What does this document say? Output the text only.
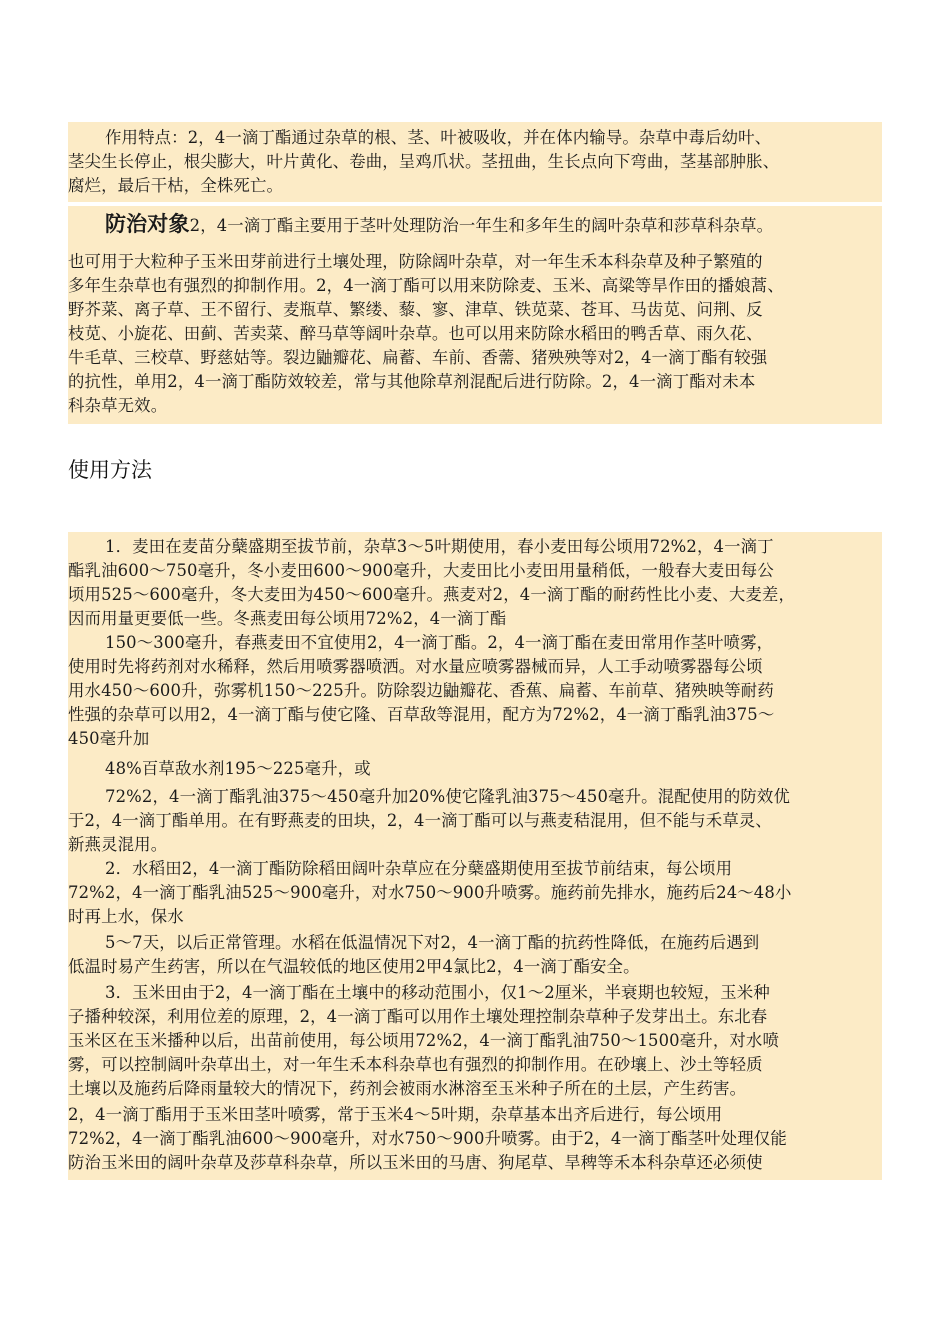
作用特点：2，4一滴丁酯通过杂草的根、茎、叶被吸收，并在体内输导。杂草中毒后幼叶、
茎尖生长停止，根尖膨大，叶片黄化、卷曲，呈鸡爪状。茎扭曲，生长点向下弯曲，茎基部肿胀、
腐烂，最后干枯，全株死亡。
防治对象2，4一滴丁酯主要用于茎叶处理防治一年生和多年生的阔叶杂草和莎草科杂草。
也可用于大粒种子玉米田芽前进行土壤处理，防除阔叶杂草，对一年生禾本科杂草及种子繁殖的
多年生杂草也有强烈的抑制作用。2，4一滴丁酯可以用来防除麦、玉米、高粱等旱作田的播娘蒿、
野芥菜、离子草、王不留行、麦瓶草、繁缕、藜、寥、津草、铁苋菜、苍耳、马齿苋、问荆、反
枝苋、小旋花、田蓟、苦卖菜、醉马草等阔叶杂草。也可以用来防除水稻田的鸭舌草、雨久花、
牛毛草、三校草、野慈姑等。裂边鼬瓣花、扁蓄、车前、香薷、猪殃殃等对2，4一滴丁酯有较强
的抗性，单用2，4一滴丁酯防效较差，常与其他除草剂混配后进行防除。2，4一滴丁酯对未本
科杂草无效。
使用方法
1．麦田在麦苗分蘖盛期至拔节前，杂草3～5叶期使用，春小麦田每公顷用72%2，4一滴丁
酯乳油600～750毫升，冬小麦田600～900毫升，大麦田比小麦田用量稍低，一般春大麦田每公
顷用525～600毫升，冬大麦田为450～600毫升。燕麦对2，4一滴丁酯的耐药性比小麦、大麦差，
因而用量更要低一些。冬燕麦田每公顷用72%2，4一滴丁酯
150～300毫升，春燕麦田不宜使用2，4一滴丁酯。2，4一滴丁酯在麦田常用作茎叶喷雾，
使用时先将药剂对水稀释，然后用喷雾器喷洒。对水量应喷雾器械而异，人工手动喷雾器每公顷
用水450～600升，弥雾机150～225升。防除裂边鼬瓣花、香蕉、扁蓄、车前草、猪殃映等耐药
性强的杂草可以用2，4一滴丁酯与使它隆、百草敌等混用，配方为72%2，4一滴丁酯乳油375～
450毫升加
48%百草敌水剂195～225毫升，或
72%2，4一滴丁酯乳油375～450毫升加20%使它隆乳油375～450毫升。混配使用的防效优
于2，4一滴丁酯单用。在有野燕麦的田块，2，4一滴丁酯可以与燕麦秸混用，但不能与禾草灵、
新燕灵混用。
2．水稻田2，4一滴丁酯防除稻田阔叶杂草应在分蘖盛期使用至拔节前结束，每公顷用
72%2，4一滴丁酯乳油525～900毫升，对水750～900升喷雾。施药前先排水，施药后24～48小
时再上水，保水
5～7天，以后正常管理。水稻在低温情况下对2，4一滴丁酯的抗药性降低，在施药后遇到
低温时易产生药害，所以在气温较低的地区使用2甲4氯比2，4一滴丁酯安全。
3．玉米田由于2，4一滴丁酯在土壤中的移动范围小，仅1～2厘米，半衰期也较短，玉米种
子播种较深，利用位差的原理，2，4一滴丁酯可以用作土壤处理控制杂草种子发芽出土。东北春
玉米区在玉米播种以后，出苗前使用，每公顷用72%2，4一滴丁酯乳油750～1500毫升，对水喷
雾，可以控制阔叶杂草出土，对一年生禾本科杂草也有强烈的抑制作用。在砂壤上、沙土等轻质
土壤以及施药后降雨量较大的情况下，药剂会被雨水淋溶至玉米种子所在的土层，产生药害。
2，4一滴丁酯用于玉米田茎叶喷雾，常于玉米4～5叶期，杂草基本出齐后进行，每公顷用
72%2，4一滴丁酯乳油600～900毫升，对水750～900升喷雾。由于2，4一滴丁酯茎叶处理仅能
防治玉米田的阔叶杂草及莎草科杂草，所以玉米田的马唐、狗尾草、旱稗等禾本科杂草还必须使
